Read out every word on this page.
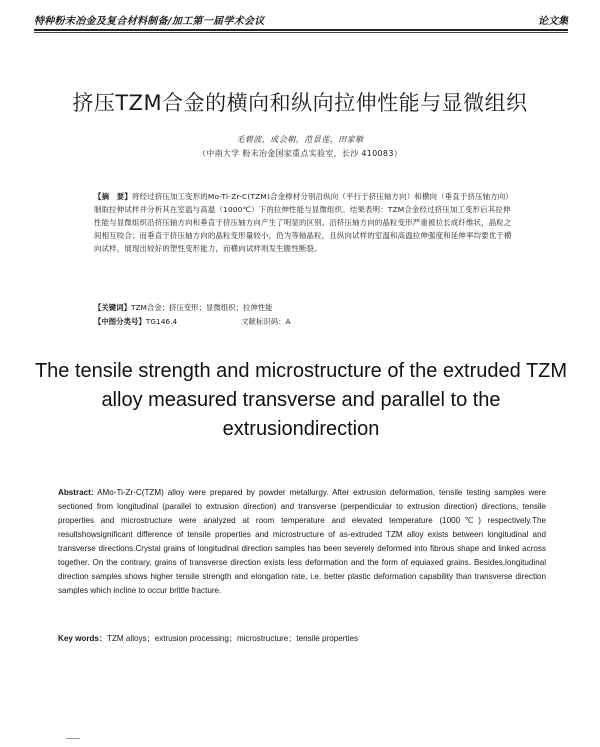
特种粉末冶金及复合材料制备/加工第一届学术会议	论文集
挤压TZM合金的横向和纵向拉伸性能与显微组织
毛碧波，成会朝，范景莲，田家敏
（中南大学 粉末冶金国家重点实验室，长沙 410083）
【摘　要】将经过挤压加工变形的Mo-Ti-Zr-C(TZM)合金棒材分别沿纵向（平行于挤压轴方向）和横向（垂直于挤压轴方向）制取拉伸试样并分析其在室温与高温（1000℃）下的拉伸性能与显微组织。结果表明：TZM合金经过挤压加工变形后其拉伸性能与显微组织沿挤压轴方向和垂直于挤压轴方向产生了明显的区别。沿挤压轴方向的晶粒变形严重被拉长成纤维状，晶粒之间相互咬合；而垂直于挤压轴方向的晶粒变形量较小，仍为等轴晶粒，且纵向试样的室温和高温拉伸强度和延伸率均要优于横向试样，展现出较好的塑性变形能力，而横向试样则发生脆性断裂。
【关键词】TZM合金；挤压变形；显微组织；拉伸性能
【中图分类号】TG146.4	文献标识码：A
The tensile strength and microstructure of the extruded TZM alloy measured transverse and parallel to the extrusiondirection
Abstract: AMo-Ti-Zr-C(TZM) alloy were prepared by powder metallurgy. After extrusion deformation, tensile testing samples were sectioned from longitudinal (parallel to extrusion direction) and transverse (perpendicular to extrusion direction) directions, tensile properties and microstructure were analyzed at room temperature and elevated temperature (1000℃) respectively.The resultshowsignificant difference of tensile properties and microstructure of as-extruded TZM alloy exists between longitudinal and transverse directions.Crystal grains of longitudinal direction samples has been severely deformed into fibrous shape and linked across together. On the contrary, grains of transverse direction exists less deformation and the form of equiaxed grains. Besides,longitudinal direction samples shows higher tensile strength and elongation rate, i.e. better plastic deformation capability than transverse direction samples which incline to occur brittle fracture.
Key words：TZM alloys；extrusion processing；microstructure；tensile properties
